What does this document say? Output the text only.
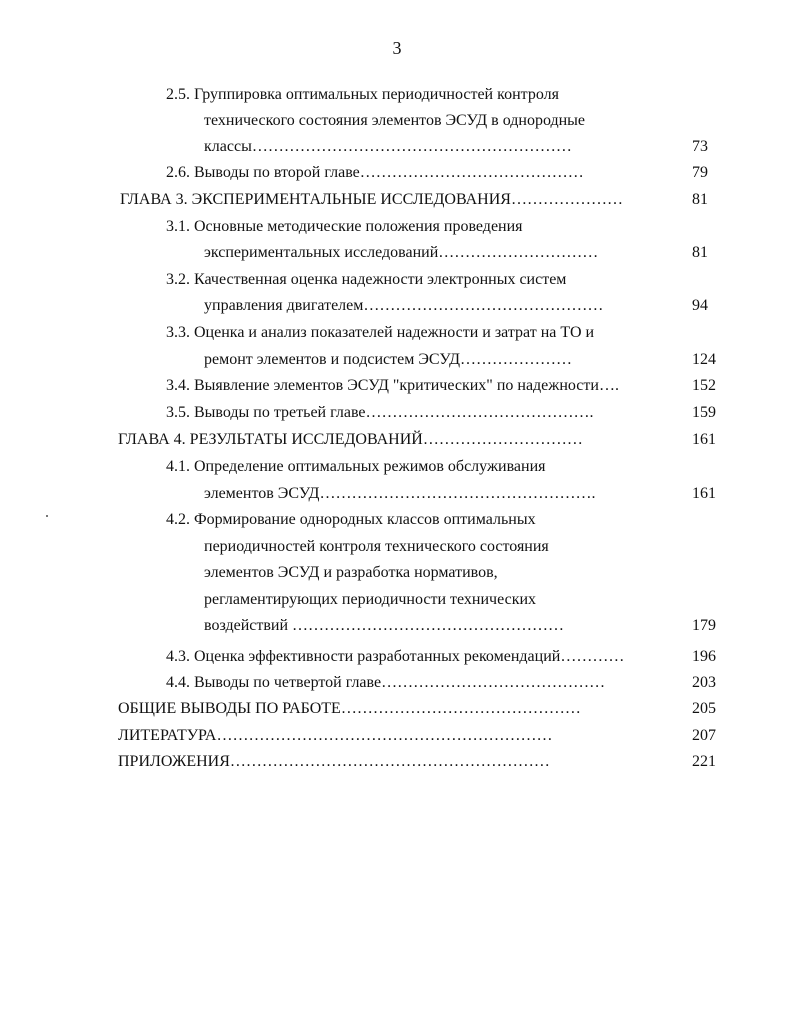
3
2.5. Группировка оптимальных периодичностей контроля
технического состояния элементов ЭСУД в однородные
классы……………………………………………………	73
2.6. Выводы по второй главе……………………………………	79
ГЛАВА 3. ЭКСПЕРИМЕНТАЛЬНЫЕ ИССЛЕДОВАНИЯ…………………	81
3.1. Основные методические положения проведения
экспериментальных исследований…………………………	81
3.2. Качественная оценка надежности электронных систем
управления двигателем………………………………………	94
3.3. Оценка и анализ показателей надежности и затрат на ТО и
ремонт элементов и подсистем ЭСУД…………………	124
3.4. Выявление элементов ЭСУД "критических" по надежности….	152
3.5. Выводы по третьей главе…………………………………….	159
ГЛАВА 4. РЕЗУЛЬТАТЫ ИССЛЕДОВАНИЙ…………………………	161
4.1. Определение оптимальных режимов обслуживания
элементов ЭСУД…………………………………………….	161
4.2. Формирование однородных классов оптимальных
периодичностей контроля технического состояния
элементов ЭСУД и разработка нормативов,
регламентирующих периодичности технических
воздействий ……………………………………………	179
4.3. Оценка эффективности разработанных рекомендаций…………	196
4.4. Выводы по четвертой главе……………………………………	203
ОБЩИЕ ВЫВОДЫ ПО РАБОТЕ………………………………………	205
ЛИТЕРАТУРА………………………………………………………	207
ПРИЛОЖЕНИЯ……………………………………………………	221
